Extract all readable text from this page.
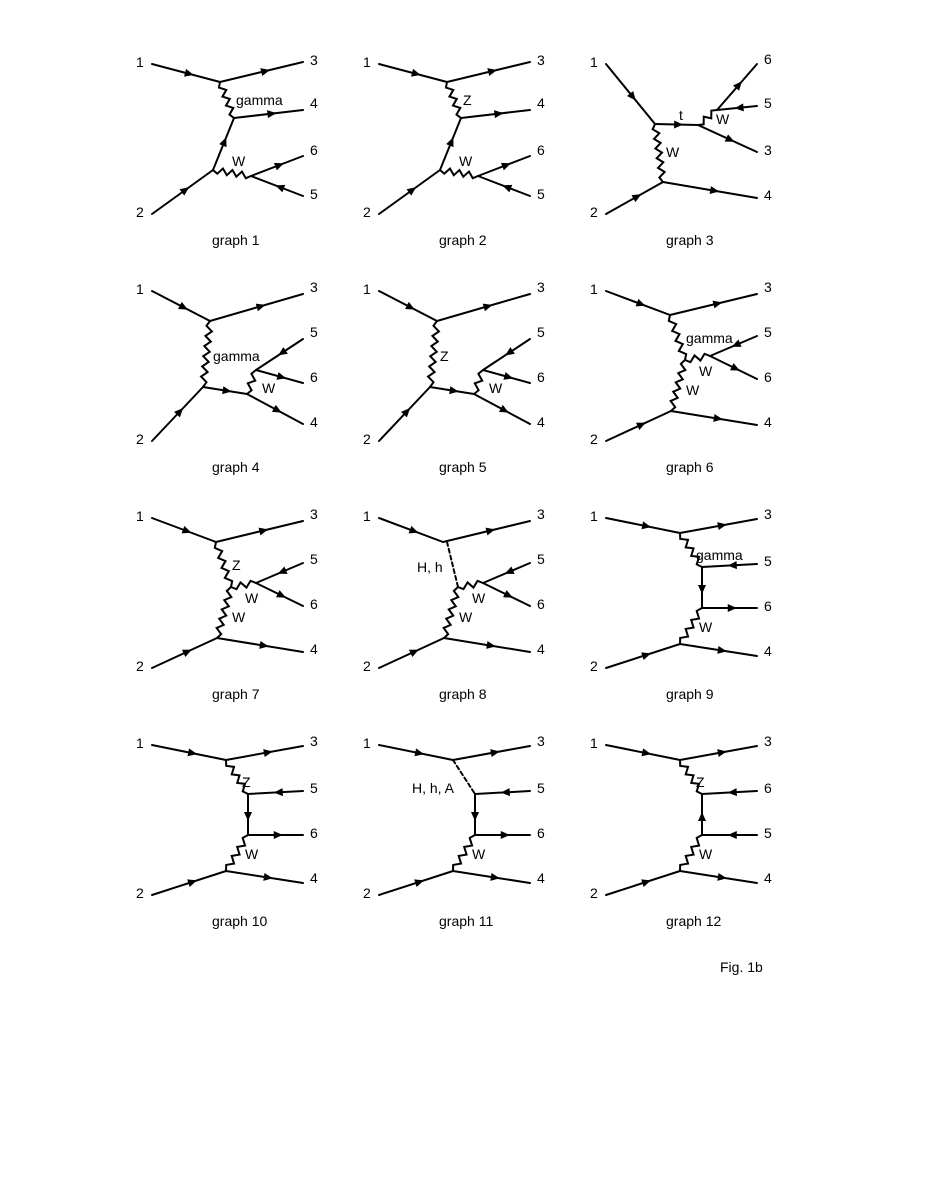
1
2
3
4
5
6
gamma
W
graph 1
1
2
3
4
5
6
Z
W
graph 2
1
2
6
5
3
4
t
W
W
graph 3
1
2
3
5
6
4
gamma
W
graph 4
1
2
3
5
6
4
Z
W
graph 5
1
2
3
5
6
4
gamma
W
W
graph 6
1
2
3
5
6
4
Z
W
W
graph 7
1
2
3
5
6
4
H, h
W
W
graph 8
1
2
3
5
6
4
gamma
W
graph 9
1
2
3
5
6
4
Z
W
graph 10
1
2
3
5
6
4
H, h, A
W
graph 11
1
2
3
6
5
4
Z
W
graph 12
Fig. 1b
